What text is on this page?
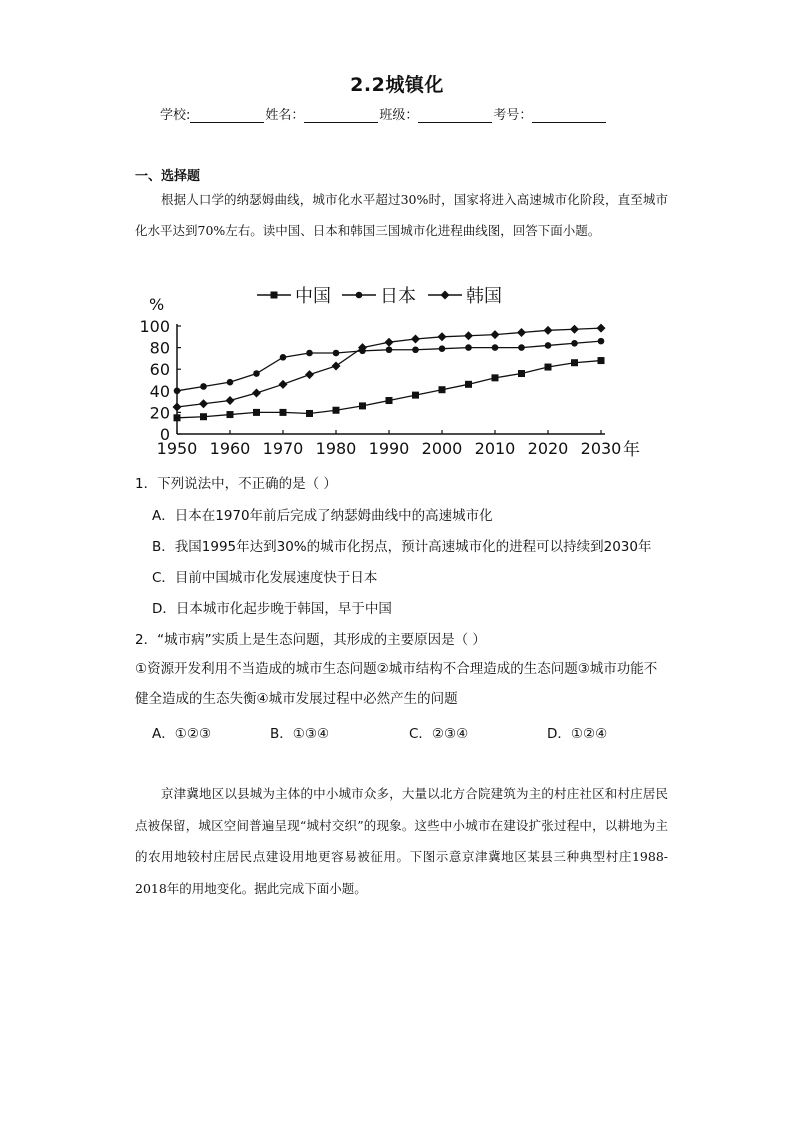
2.2城镇化
学校:	姓名：	班级：	考号：
一、选择题

根据人口学的纳瑟姆曲线，城市化水平超过30%时，国家将进入高速城市化阶段，直至城市化水平达到70%左右。读中国、日本和韩国三国城市化进程曲线图，回答下面小题。

0
20
40
60
80
100
1950 1960 1970 1980 1990 2000 2010 2020 2030
%
年
中国	日本	韩国
1．下列说法中，不正确的是（ ）
A．日本在1970年前后完成了纳瑟姆曲线中的高速城市化
B．我国1995年达到30%的城市化拐点，预计高速城市化的进程可以持续到2030年
C．目前中国城市化发展速度快于日本
D．日本城市化起步晚于韩国，早于中国
2．“城市病”实质上是生态问题，其形成的主要原因是（ ）
①资源开发利用不当造成的城市生态问题②城市结构不合理造成的生态问题③城市功能不健全造成的生态失衡④城市发展过程中必然产生的问题
A．①②③	B．①③④	C．②③④	D．①②④

京津冀地区以县城为主体的中小城市众多，大量以北方合院建筑为主的村庄社区和村庄居民点被保留，城区空间普遍呈现“城村交织”的现象。这些中小城市在建设扩张过程中，以耕地为主的农用地较村庄居民点建设用地更容易被征用。下图示意京津冀地区某县三种典型村庄1988-2018年的用地变化。据此完成下面小题。
